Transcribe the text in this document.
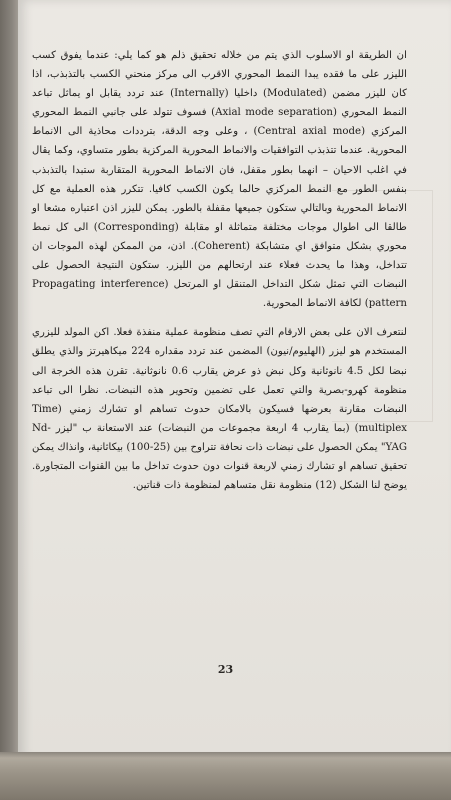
ان الطريقة او الاسلوب الذي يتم من خلاله تحقيق ذلم هو كما يلي: عندما يفوق كسب الليزر على ما فقده يبدا النمط المحوري الاقرب الى مركز منحني الكسب بالتذبذب، اذا كان لليزر مضمن (Modulated) داخليا (Internally) عند تردد يقابل او يماثل تباعد النمط المحوري (Axial mode separation) فسوف تتولد على جانبي النمط المحوري المركزي (Central axial mode) ، وعلى وجه الدقة، بترددات محاذية الى الانماط المحورية. عندما تتذبذب التوافقيات والانماط المحورية المركزية بطور متساوي، وكما يقال في اغلب الاحيان – انهما بطور مقفل، فان الانماط المحورية المتقاربة ستبدا بالتذبذب بنفس الطور مع النمط المركزي حالما يكون الكسب كافيا. تتكرر هذه العملية مع كل الانماط المحورية وبالتالي ستكون جميعها مقفلة بالطور. يمكن لليزر اذن اعتباره مشعا او طالقا الى اطوال موجات مختلفة متماثلة او مقابلة (Corresponding) الى كل نمط محوري بشكل متوافق اي متشابكة (Coherent). اذن، من الممكن لهذه الموجات ان تتداخل، وهذا ما يحدث فعلاء عند ارتحالهم من الليزر. ستكون النتيجة الحصول على النبضات التي تمثل شكل التداخل المتنقل او المرتحل (Propagating interference pattern) لكافة الانماط المحورية.

لنتعرف الان على بعض الارقام التي تصف منظومة عملية منفذة فعلا. اكن المولد لليزري المستخدم هو ليزر (الهليوم/نيون) المضمن عند تردد مقداره 224 ميكاهيرتز والذي يطلق نبضا لكل 4.5 نانوثانية وكل نبض ذو عرض يقارب 0.6 نانوثانية. تقرن هذه الخرجة الى منظومة كهرو-بصرية والتي تعمل على تضمين وتحوير هذه النبضات. نظرا الى تباعد النبضات مقارنة بعرضها فسيكون بالامكان حدوث تساهم او تشارك زمني (Time multiplex) (بما يقارب 4 اربعة مجموعات من النبضات) عند الاستعانة ب "ليزر Nd-YAG" يمكن الحصول على نبضات ذات نحافة تتراوح بين (25-100) بيكاثانية، وانذاك يمكن تحقيق تساهم او تشارك زمني لاربعة قنوات دون حدوث تداخل ما بين القنوات المتجاورة. يوضح لنا الشكل (12) منظومة نقل متساهم لمنظومة ذات قناتين.

23
